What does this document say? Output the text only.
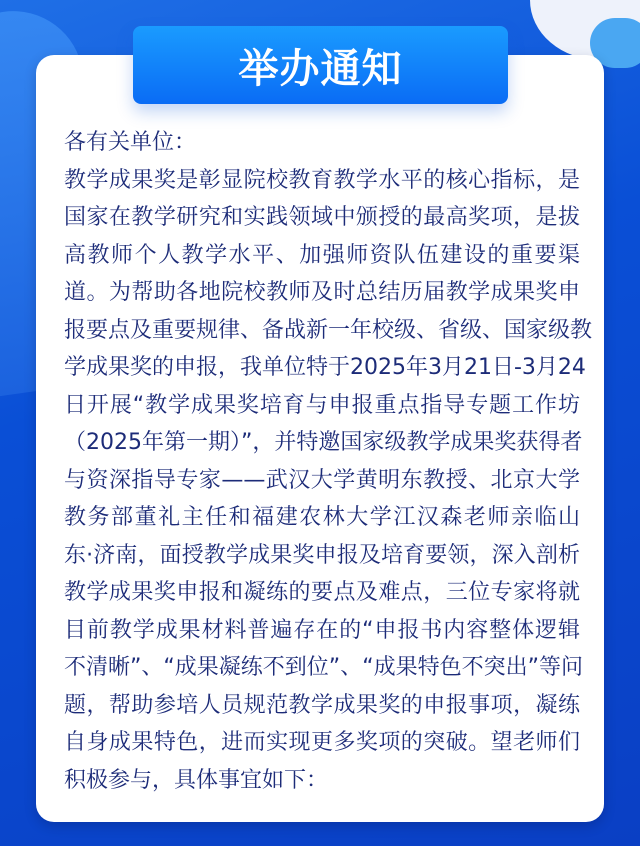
举办通知
各有关单位：
教学成果奖是彰显院校教育教学水平的核心指标，是
国家在教学研究和实践领域中颁授的最高奖项，是拔
高教师个人教学水平、加强师资队伍建设的重要渠
道。为帮助各地院校教师及时总结历届教学成果奖申
报要点及重要规律、备战新一年校级、省级、国家级教
学成果奖的申报，我单位特于2025年3月21日-3月24
日开展“教学成果奖培育与申报重点指导专题工作坊
（2025年第一期）”，并特邀国家级教学成果奖获得者
与资深指导专家——武汉大学黄明东教授、北京大学
教务部董礼主任和福建农林大学江汉森老师亲临山
东·济南，面授教学成果奖申报及培育要领，深入剖析
教学成果奖申报和凝练的要点及难点，三位专家将就
目前教学成果材料普遍存在的“申报书内容整体逻辑
不清晰”、“成果凝练不到位”、“成果特色不突出”等问
题，帮助参培人员规范教学成果奖的申报事项，凝练
自身成果特色，进而实现更多奖项的突破。望老师们
积极参与，具体事宜如下：
